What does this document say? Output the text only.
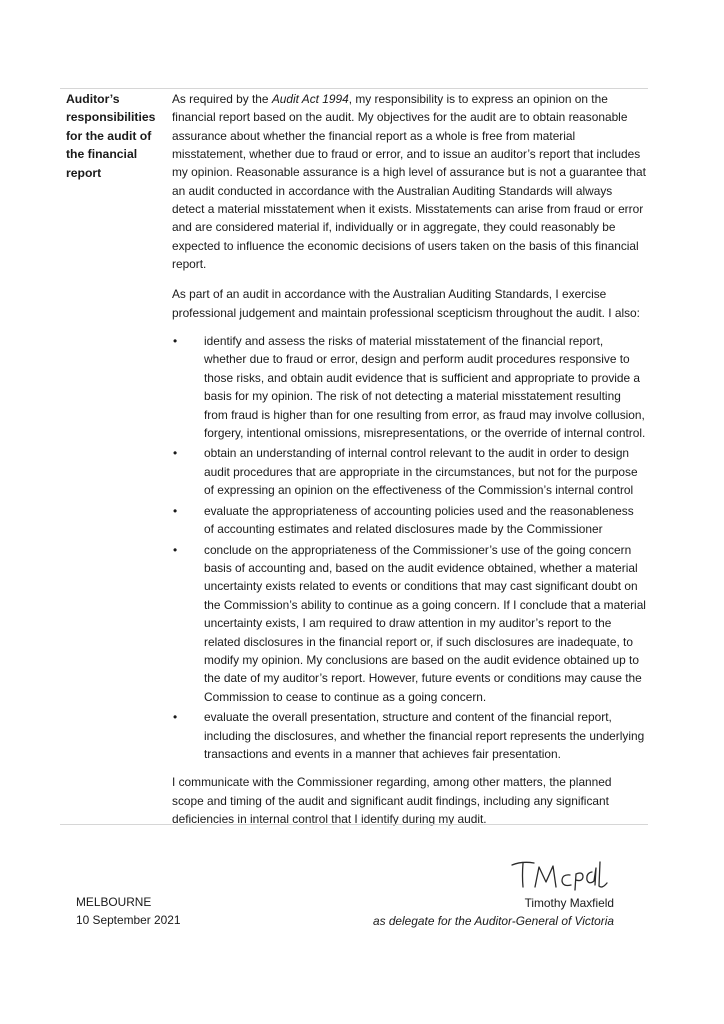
Auditor’s responsibilities for the audit of the financial report

As required by the Audit Act 1994, my responsibility is to express an opinion on the financial report based on the audit. My objectives for the audit are to obtain reasonable assurance about whether the financial report as a whole is free from material misstatement, whether due to fraud or error, and to issue an auditor’s report that includes my opinion. Reasonable assurance is a high level of assurance but is not a guarantee that an audit conducted in accordance with the Australian Auditing Standards will always detect a material misstatement when it exists. Misstatements can arise from fraud or error and are considered material if, individually or in aggregate, they could reasonably be expected to influence the economic decisions of users taken on the basis of this financial report.

As part of an audit in accordance with the Australian Auditing Standards, I exercise professional judgement and maintain professional scepticism throughout the audit. I also:

• identify and assess the risks of material misstatement of the financial report, whether due to fraud or error, design and perform audit procedures responsive to those risks, and obtain audit evidence that is sufficient and appropriate to provide a basis for my opinion. The risk of not detecting a material misstatement resulting from fraud is higher than for one resulting from error, as fraud may involve collusion, forgery, intentional omissions, misrepresentations, or the override of internal control.
• obtain an understanding of internal control relevant to the audit in order to design audit procedures that are appropriate in the circumstances, but not for the purpose of expressing an opinion on the effectiveness of the Commission’s internal control
• evaluate the appropriateness of accounting policies used and the reasonableness of accounting estimates and related disclosures made by the Commissioner
• conclude on the appropriateness of the Commissioner’s use of the going concern basis of accounting and, based on the audit evidence obtained, whether a material uncertainty exists related to events or conditions that may cast significant doubt on the Commission’s ability to continue as a going concern. If I conclude that a material uncertainty exists, I am required to draw attention in my auditor’s report to the related disclosures in the financial report or, if such disclosures are inadequate, to modify my opinion. My conclusions are based on the audit evidence obtained up to the date of my auditor’s report. However, future events or conditions may cause the Commission to cease to continue as a going concern.
• evaluate the overall presentation, structure and content of the financial report, including the disclosures, and whether the financial report represents the underlying transactions and events in a manner that achieves fair presentation.

I communicate with the Commissioner regarding, among other matters, the planned scope and timing of the audit and significant audit findings, including any significant deficiencies in internal control that I identify during my audit.

MELBOURNE
10 September 2021
Timothy Maxfield
as delegate for the Auditor-General of Victoria
